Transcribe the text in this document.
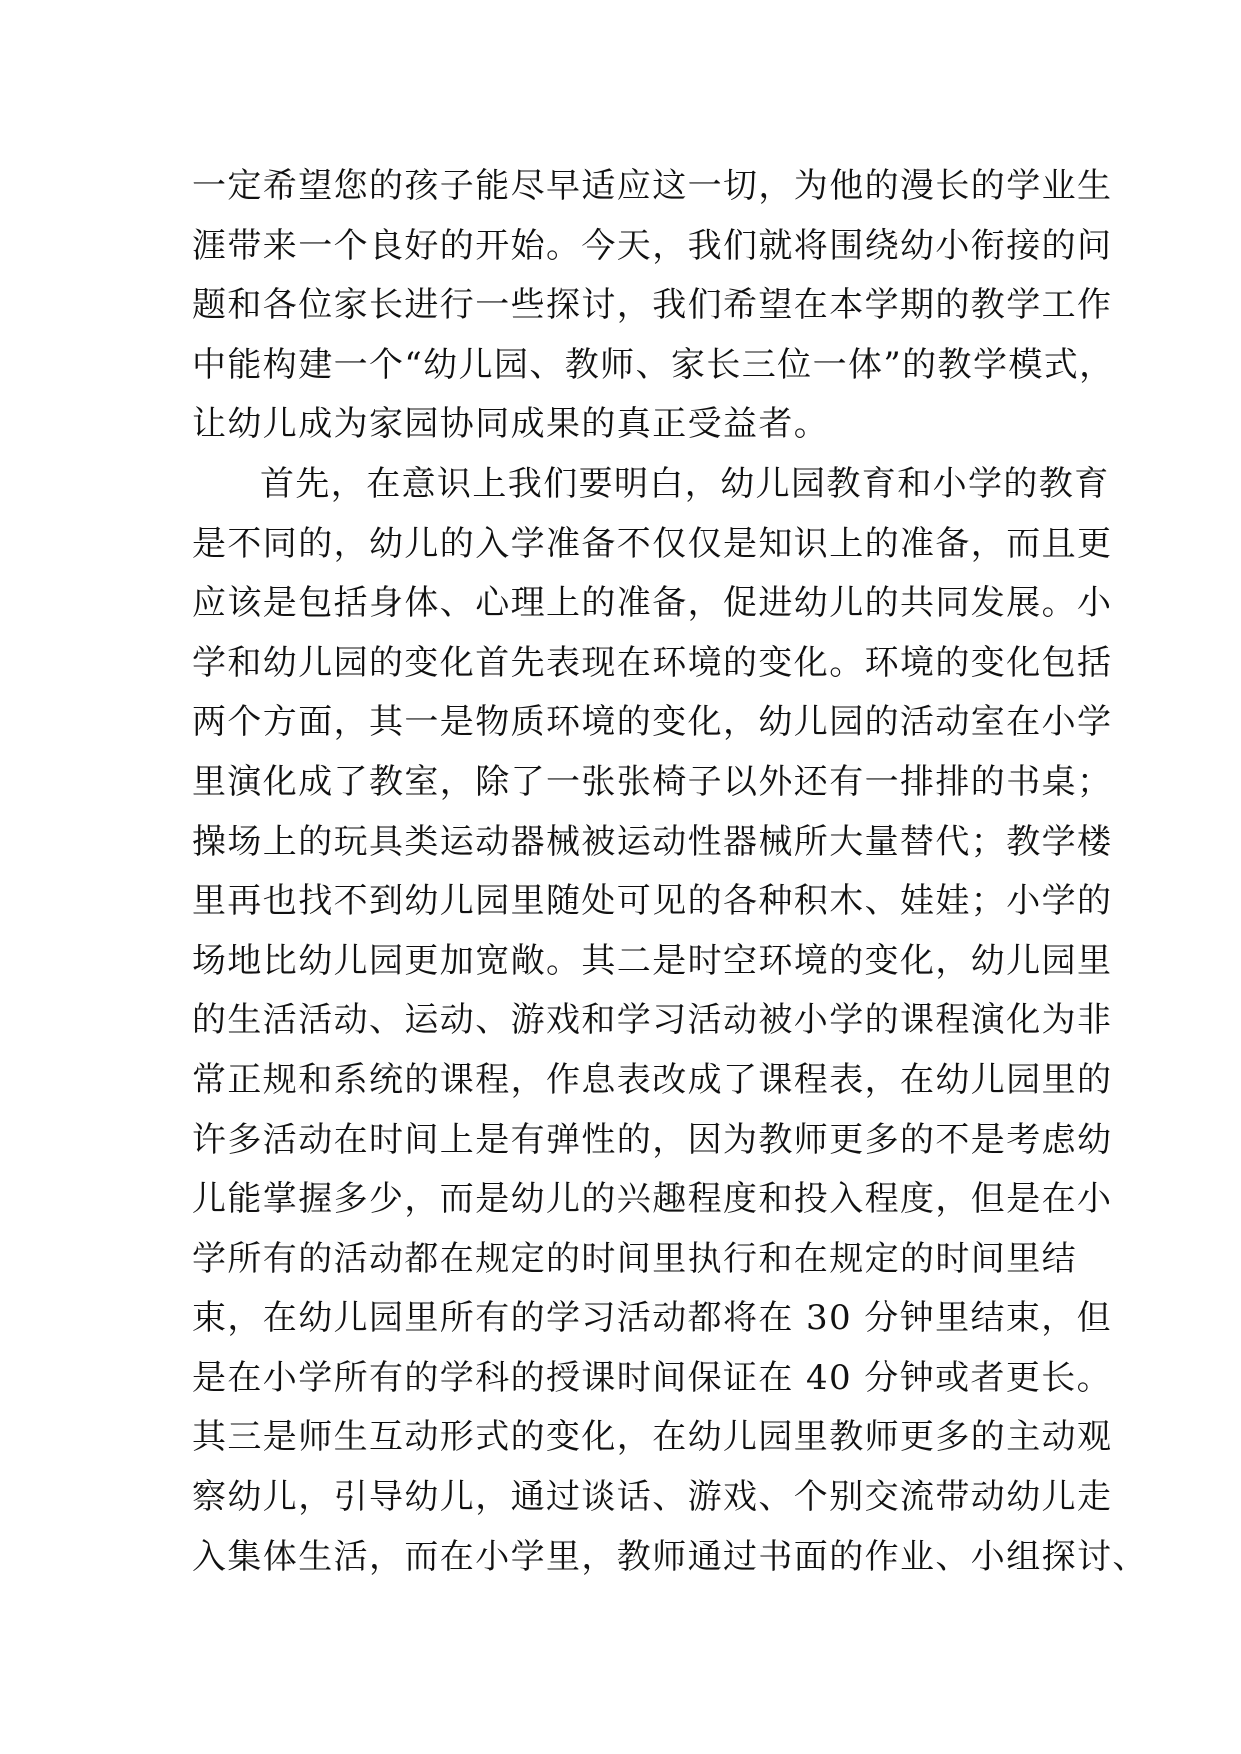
一定希望您的孩子能尽早适应这一切，为他的漫长的学业生
涯带来一个良好的开始。今天，我们就将围绕幼小衔接的问
题和各位家长进行一些探讨，我们希望在本学期的教学工作
中能构建一个“幼儿园、教师、家长三位一体”的教学模式，
让幼儿成为家园协同成果的真正受益者。
首先，在意识上我们要明白，幼儿园教育和小学的教育
是不同的，幼儿的入学准备不仅仅是知识上的准备，而且更
应该是包括身体、心理上的准备，促进幼儿的共同发展。小
学和幼儿园的变化首先表现在环境的变化。环境的变化包括
两个方面，其一是物质环境的变化，幼儿园的活动室在小学
里演化成了教室，除了一张张椅子以外还有一排排的书桌；
操场上的玩具类运动器械被运动性器械所大量替代；教学楼
里再也找不到幼儿园里随处可见的各种积木、娃娃；小学的
场地比幼儿园更加宽敞。其二是时空环境的变化，幼儿园里
的生活活动、运动、游戏和学习活动被小学的课程演化为非
常正规和系统的课程，作息表改成了课程表，在幼儿园里的
许多活动在时间上是有弹性的，因为教师更多的不是考虑幼
儿能掌握多少，而是幼儿的兴趣程度和投入程度，但是在小
学所有的活动都在规定的时间里执行和在规定的时间里结
束，在幼儿园里所有的学习活动都将在 30 分钟里结束，但
是在小学所有的学科的授课时间保证在 40 分钟或者更长。
其三是师生互动形式的变化，在幼儿园里教师更多的主动观
察幼儿，引导幼儿，通过谈话、游戏、个别交流带动幼儿走
入集体生活，而在小学里，教师通过书面的作业、小组探讨、
